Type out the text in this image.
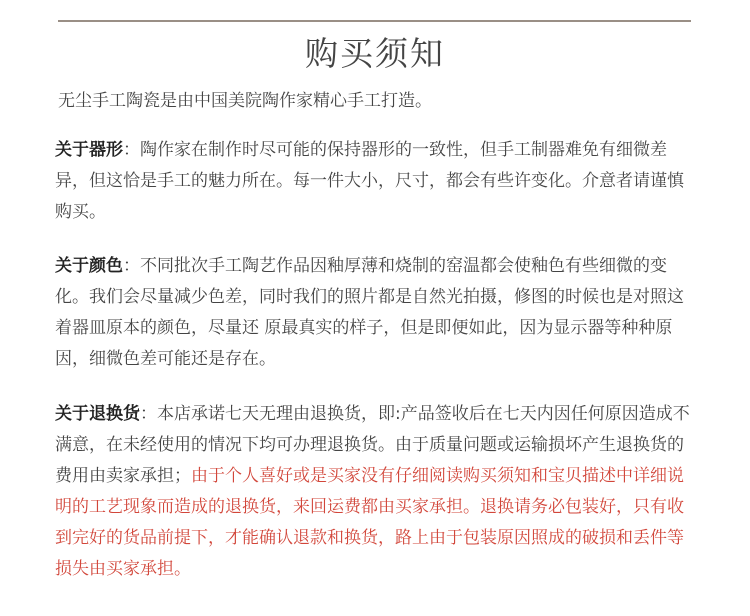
购买须知
无尘手工陶瓷是由中国美院陶作家精心手工打造。
关于器形：陶作家在制作时尽可能的保持器形的一致性，但手工制器难免有细微差异，但这恰是手工的魅力所在。每一件大小，尺寸，都会有些许变化。介意者请谨慎购买。
关于颜色：不同批次手工陶艺作品因釉厚薄和烧制的窑温都会使釉色有些细微的变化。我们会尽量减少色差，同时我们的照片都是自然光拍摄，修图的时候也是对照这着器皿原本的颜色，尽量还 原最真实的样子，但是即便如此，因为显示器等种种原因，细微色差可能还是存在。
关于退换货：本店承诺七天无理由退换货，即:产品签收后在七天内因任何原因造成不满意，在未经使用的情况下均可办理退换货。由于质量问题或运输损坏产生退换货的费用由卖家承担；由于个人喜好或是买家没有仔细阅读购买须知和宝贝描述中详细说明的工艺现象而造成的退换货，来回运费都由买家承担。退换请务必包装好，只有收到完好的货品前提下，才能确认退款和换货，路上由于包装原因照成的破损和丢件等损失由买家承担。
